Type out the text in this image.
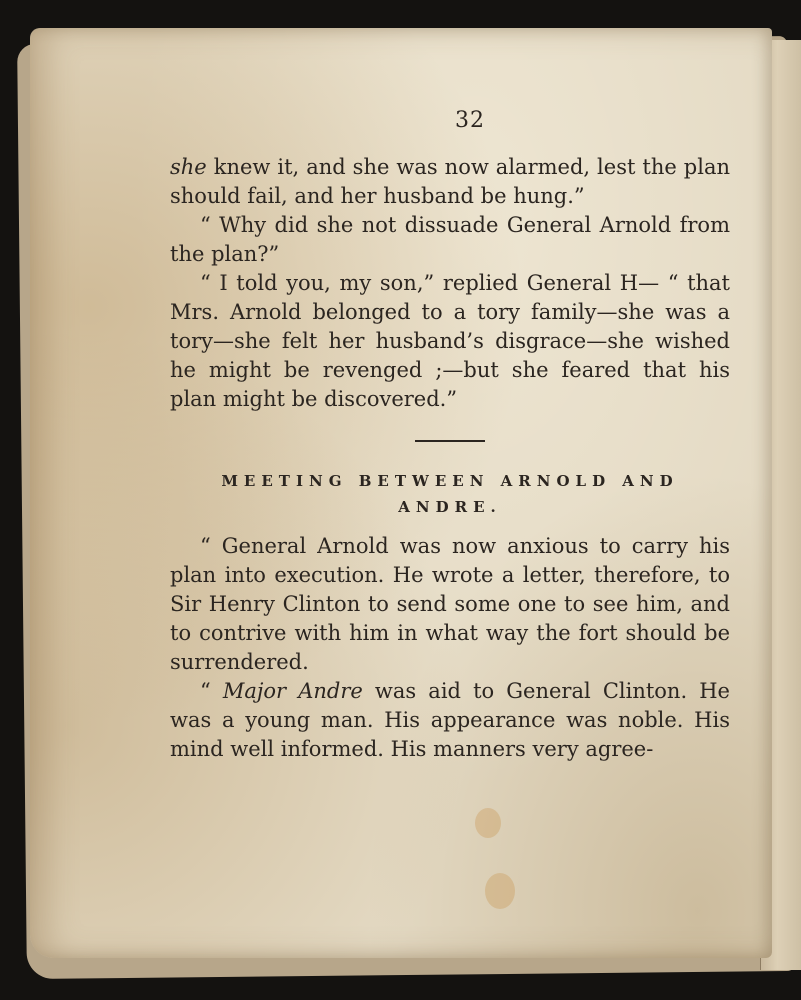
32

she knew it, and she was now alarmed, lest the plan should fail, and her husband be hung.”

“ Why did she not dissuade General Arnold from the plan?”

“ I told you, my son,” replied General H— “ that Mrs. Arnold belonged to a tory family—she was a tory—she felt her husband’s disgrace—she wished he might be revenged ;—but she feared that his plan might be discovered.”

MEETING BETWEEN ARNOLD AND
ANDRE.

“ General Arnold was now anxious to carry his plan into execution. He wrote a letter, therefore, to Sir Henry Clinton to send some one to see him, and to contrive with him in what way the fort should be surrendered.

“ Major Andre was aid to General Clinton. He was a young man. His appearance was noble. His mind well informed. His manners very agree-
